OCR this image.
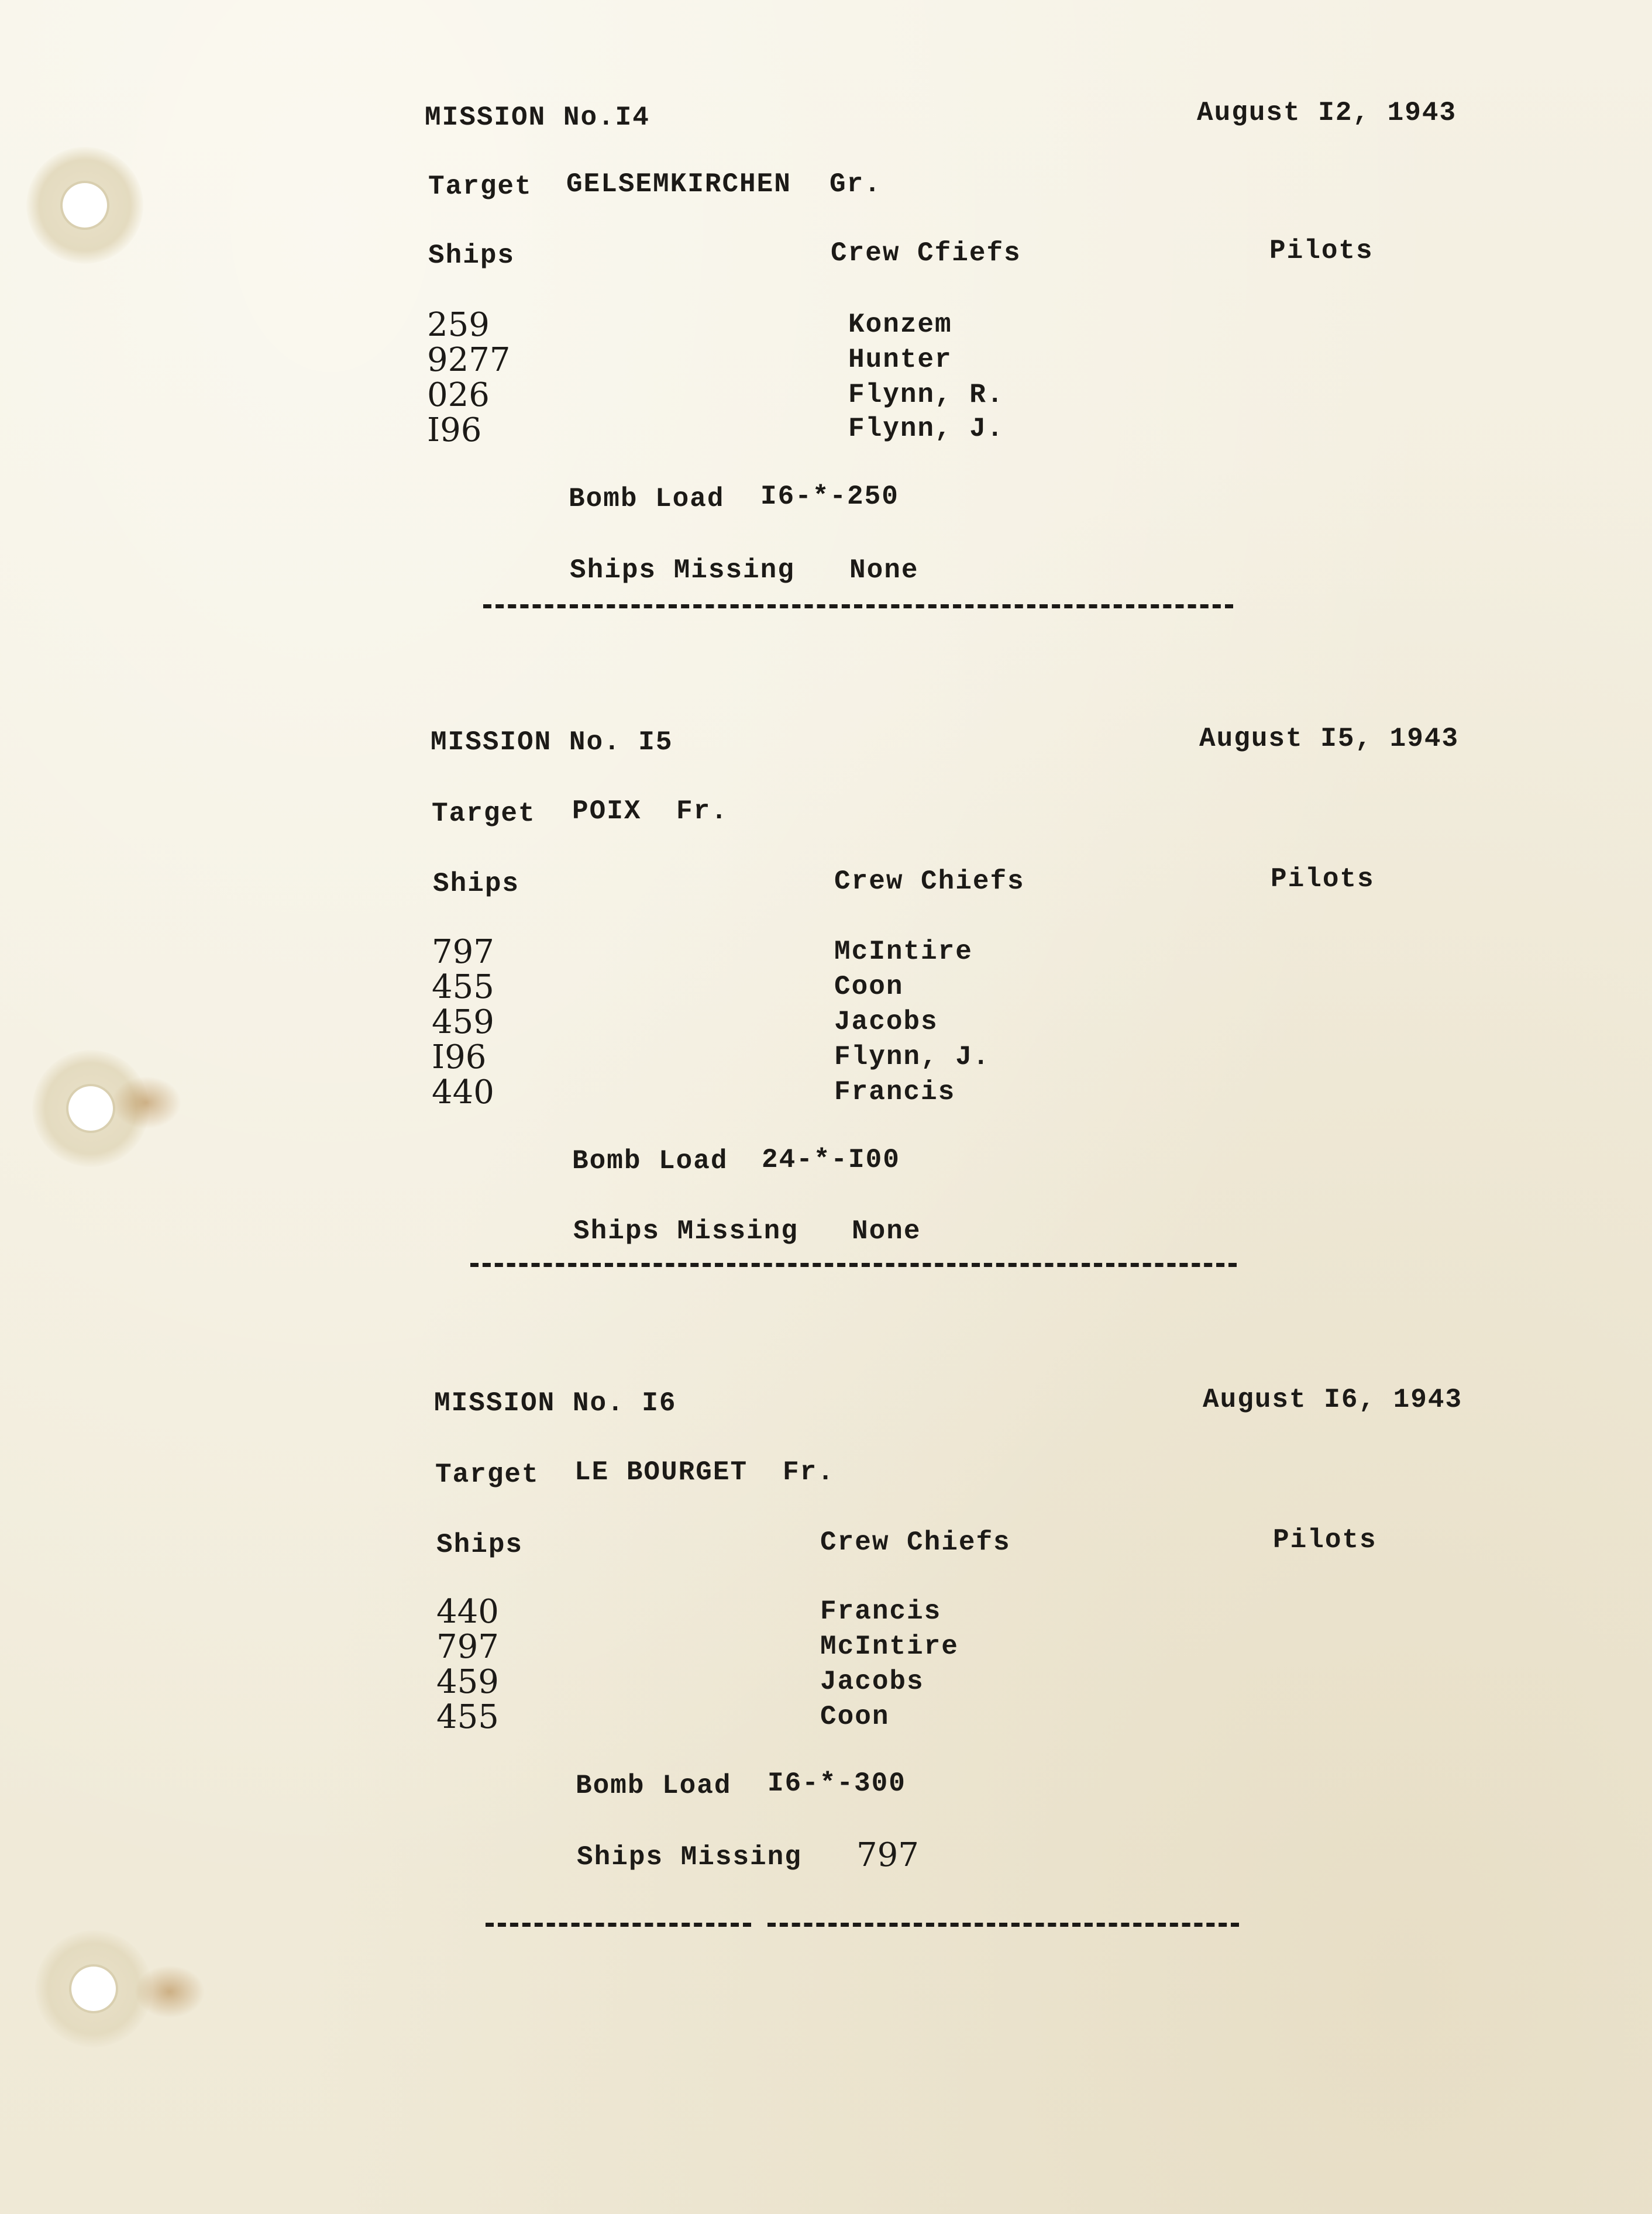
MISSION No.I4	August I2, 1943
Target GELSEMKIRCHEN Gr.
Ships	Crew Cfiefs	Pilots
259	Konzem
9277	Hunter
026	Flynn, R.
I96	Flynn, J.
Bomb Load I6-*-250
Ships Missing None
MISSION No. I5	August I5, 1943
Target POIX Fr.
Ships	Crew Chiefs	Pilots
797	McIntire
455	Coon
459	Jacobs
I96	Flynn, J.
440	Francis
Bomb Load 24-*-I00
Ships Missing None
MISSION No. I6	August I6, 1943
Target LE BOURGET Fr.
Ships	Crew Chiefs	Pilots
440	Francis
797	McIntire
459	Jacobs
455	Coon
Bomb Load I6-*-300
Ships Missing 797
